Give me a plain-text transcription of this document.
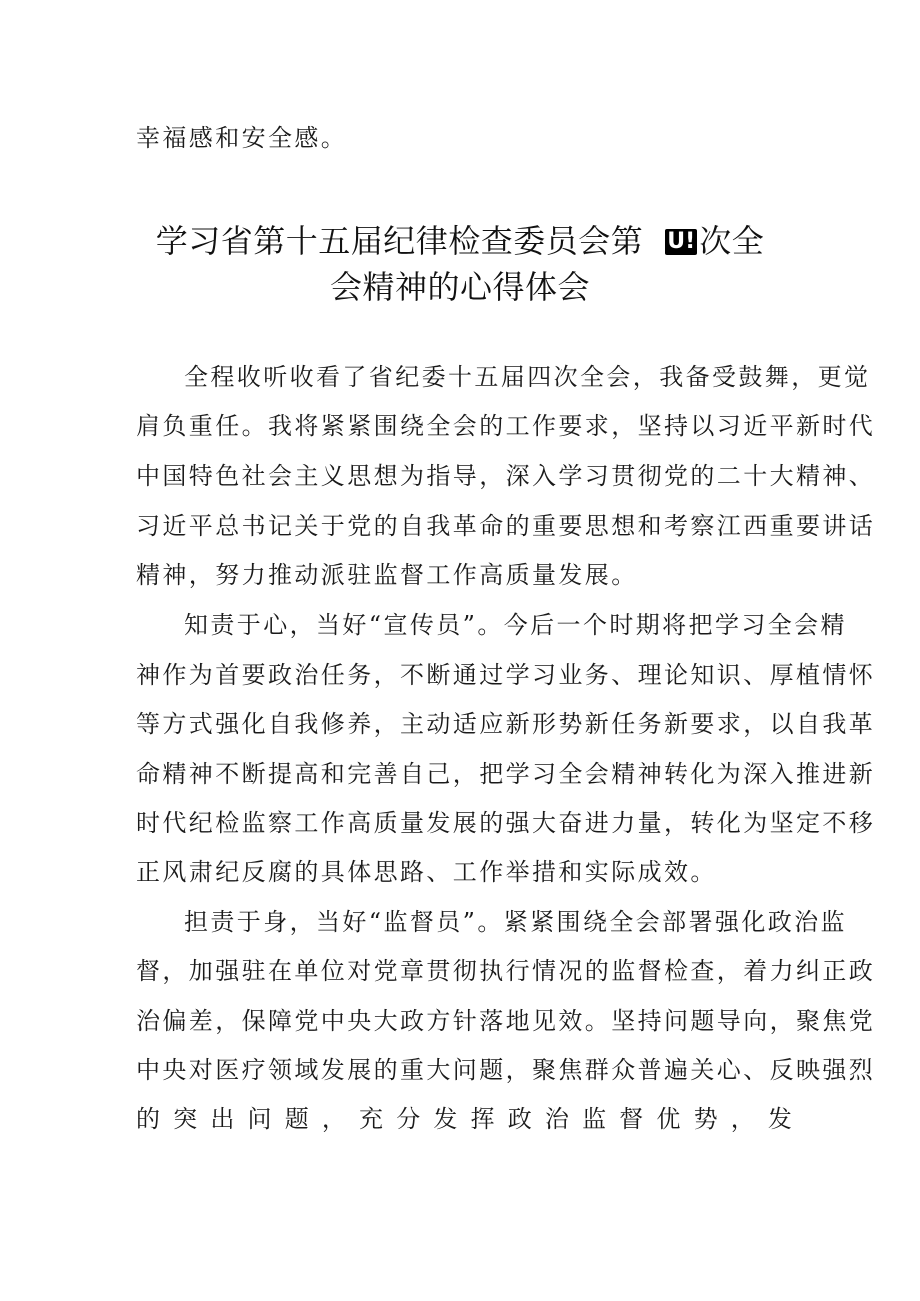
幸福感和安全感。
学习省第十五届纪律检查委员会第 U! 次全
会精神的心得体会
全程收听收看了省纪委十五届四次全会，我备受鼓舞，更觉
肩负重任。我将紧紧围绕全会的工作要求，坚持以习近平新时代
中国特色社会主义思想为指导，深入学习贯彻党的二十大精神、
习近平总书记关于党的自我革命的重要思想和考察江西重要讲话
精神，努力推动派驻监督工作高质量发展。
知责于心，当好“宣传员”。今后一个时期将把学习全会精
神作为首要政治任务，不断通过学习业务、理论知识、厚植情怀
等方式强化自我修养，主动适应新形势新任务新要求，以自我革
命精神不断提高和完善自己，把学习全会精神转化为深入推进新
时代纪检监察工作高质量发展的强大奋进力量，转化为坚定不移
正风肃纪反腐的具体思路、工作举措和实际成效。
担责于身，当好“监督员”。紧紧围绕全会部署强化政治监
督，加强驻在单位对党章贯彻执行情况的监督检查，着力纠正政
治偏差，保障党中央大政方针落地见效。坚持问题导向，聚焦党
中央对医疗领域发展的重大问题，聚焦群众普遍关心、反映强烈
的 突 出 问 题 ， 充 分 发 挥 政 治 监 督 优 势 ， 发
